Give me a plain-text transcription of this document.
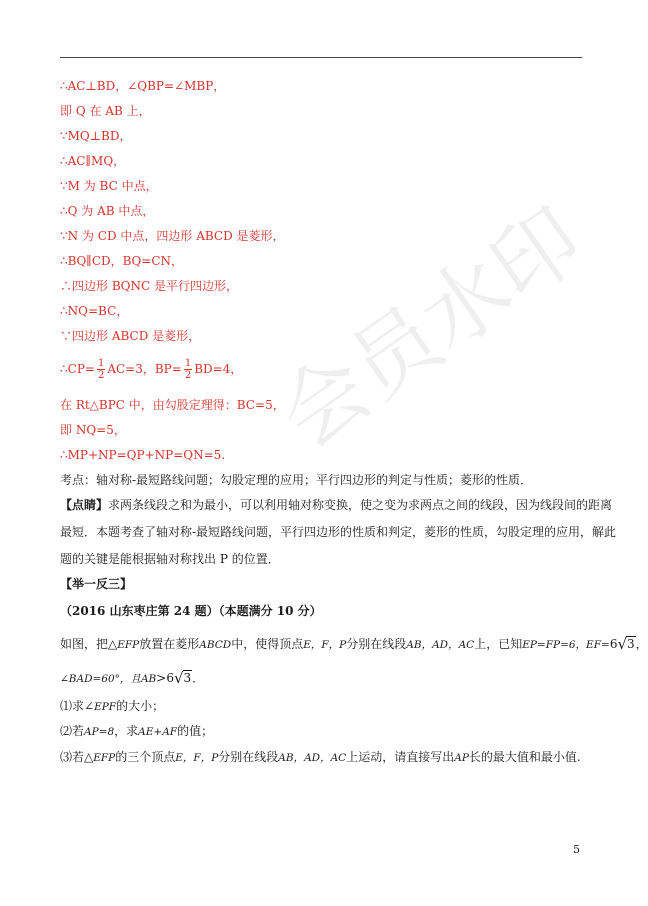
会员水印
∴AC⊥BD，∠QBP=∠MBP，
即 Q 在 AB 上，
∵MQ⊥BD，
∴AC∥MQ，
∵M 为 BC 中点，
∴Q 为 AB 中点，
∵N 为 CD 中点，四边形 ABCD 是菱形，
∴BQ∥CD，BQ=CN，
∴四边形 BQNC 是平行四边形，
∴NQ=BC，
∵四边形 ABCD 是菱形，
∴CP= $\frac{1}{2} AC=3$，$BP= \frac{1}{2} BD=4$，
在 Rt△BPC 中，由勾股定理得：BC=5，
即 NQ=5，
∴MP+NP=QP+NP=QN=5.
考点：轴对称-最短路线问题；勾股定理的应用；平行四边形的判定与性质；菱形的性质．
【点睛】求两条线段之和为最小，可以利用轴对称变换，使之变为求两点之间的线段，因为线段间的距离
最短．本题考查了轴对称-最短路线问题，平行四边形的性质和判定，菱形的性质，勾股定理的应用，解此
题的关键是能根据轴对称找出 P 的位置．
【举一反三】
（2016 山东枣庄第 24 题）（本题满分 10 分）
如图，把△EFP放置在菱形ABCD中，使得顶点E，F，P分别在线段AB，AD，AC上，已知EP=FP=6，EF=6√3，
∠BAD=60°，且AB>6√3．
⑴求∠EPF的大小；
⑵若AP=8，求AE+AF的值；
⑶若△EFP的三个顶点E，F，P分别在线段AB，AD，AC上运动，请直接写出AP长的最大值和最小值.
5
